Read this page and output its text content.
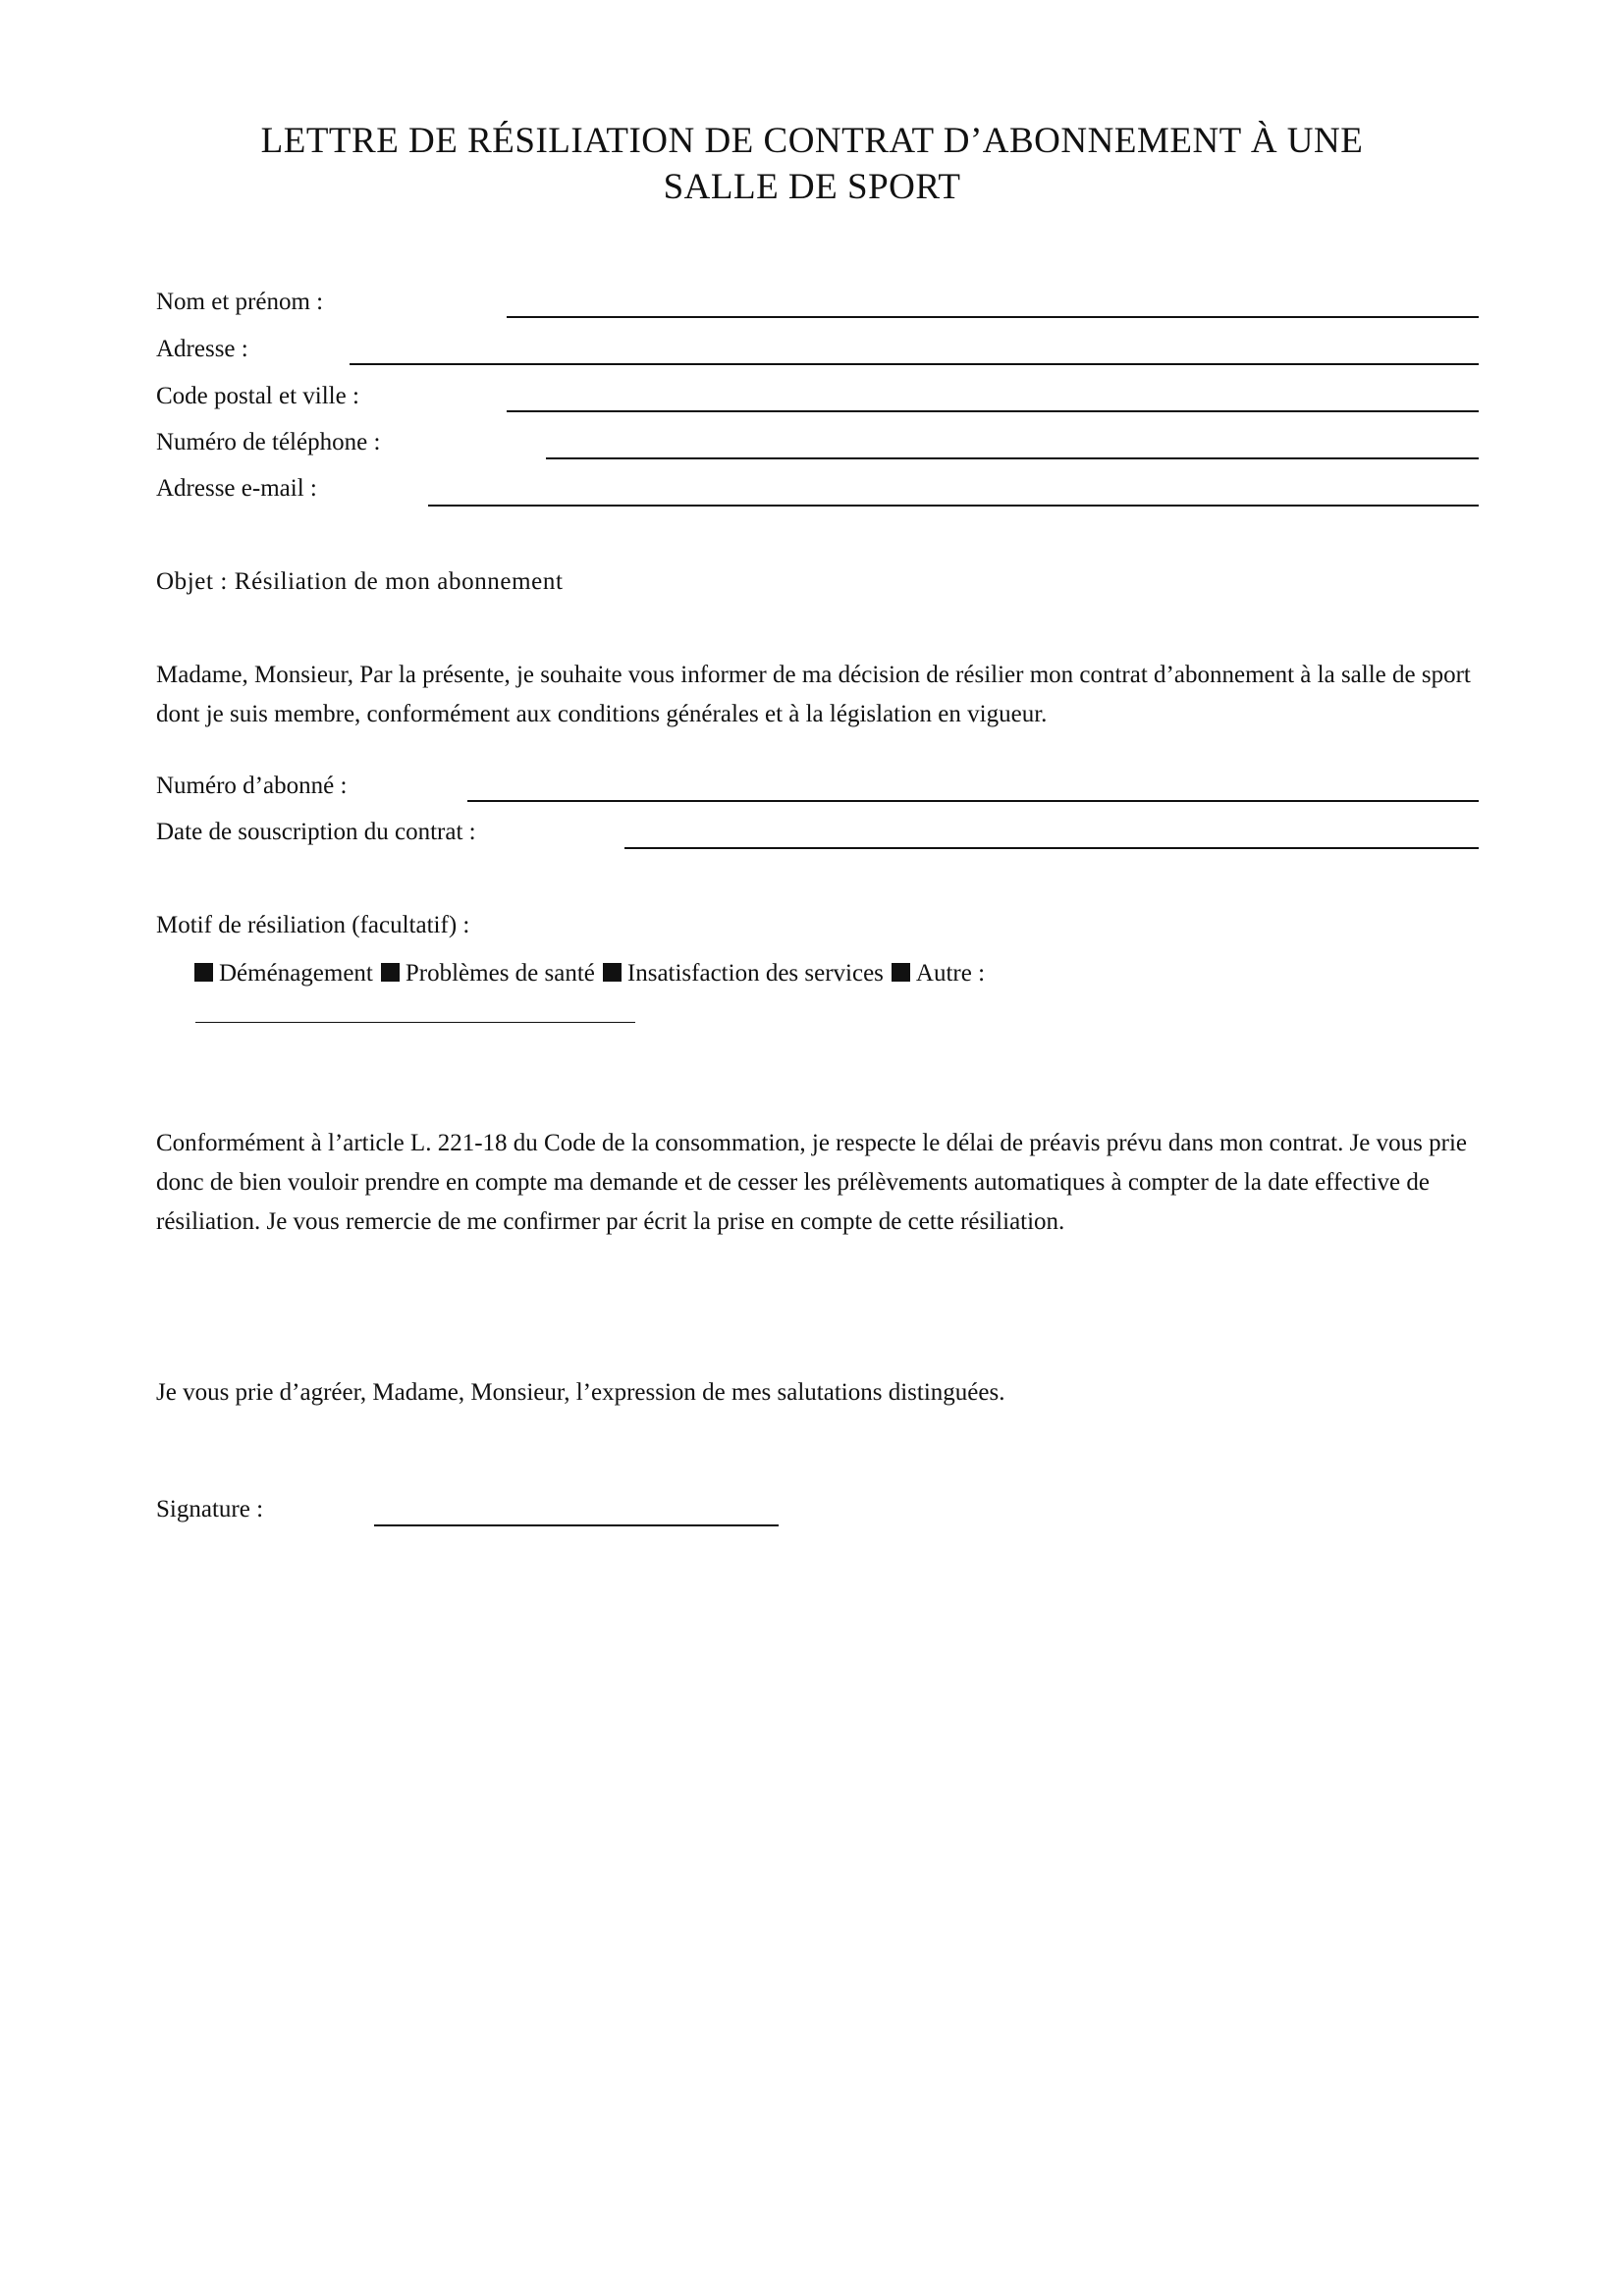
LETTRE DE RÉSILIATION DE CONTRAT D’ABONNEMENT À UNE
SALLE DE SPORT
Nom et prénom :
Adresse :
Code postal et ville :
Numéro de téléphone :
Adresse e-mail :
Objet : Résiliation de mon abonnement

Madame, Monsieur, Par la présente, je souhaite vous informer de ma décision de résilier mon contrat d’abonnement à la salle de sport dont je suis membre, conformément aux conditions générales et à la législation en vigueur.

Numéro d’abonné :
Date de souscription du contrat :
Motif de résiliation (facultatif) :
Déménagement Problèmes de santé Insatisfaction des services Autre :

Conformément à l’article L. 221-18 du Code de la consommation, je respecte le délai de préavis prévu dans mon contrat. Je vous prie donc de bien vouloir prendre en compte ma demande et de cesser les prélèvements automatiques à compter de la date effective de résiliation. Je vous remercie de me confirmer par écrit la prise en compte de cette résiliation.

Je vous prie d’agréer, Madame, Monsieur, l’expression de mes salutations distinguées.
Signature :
